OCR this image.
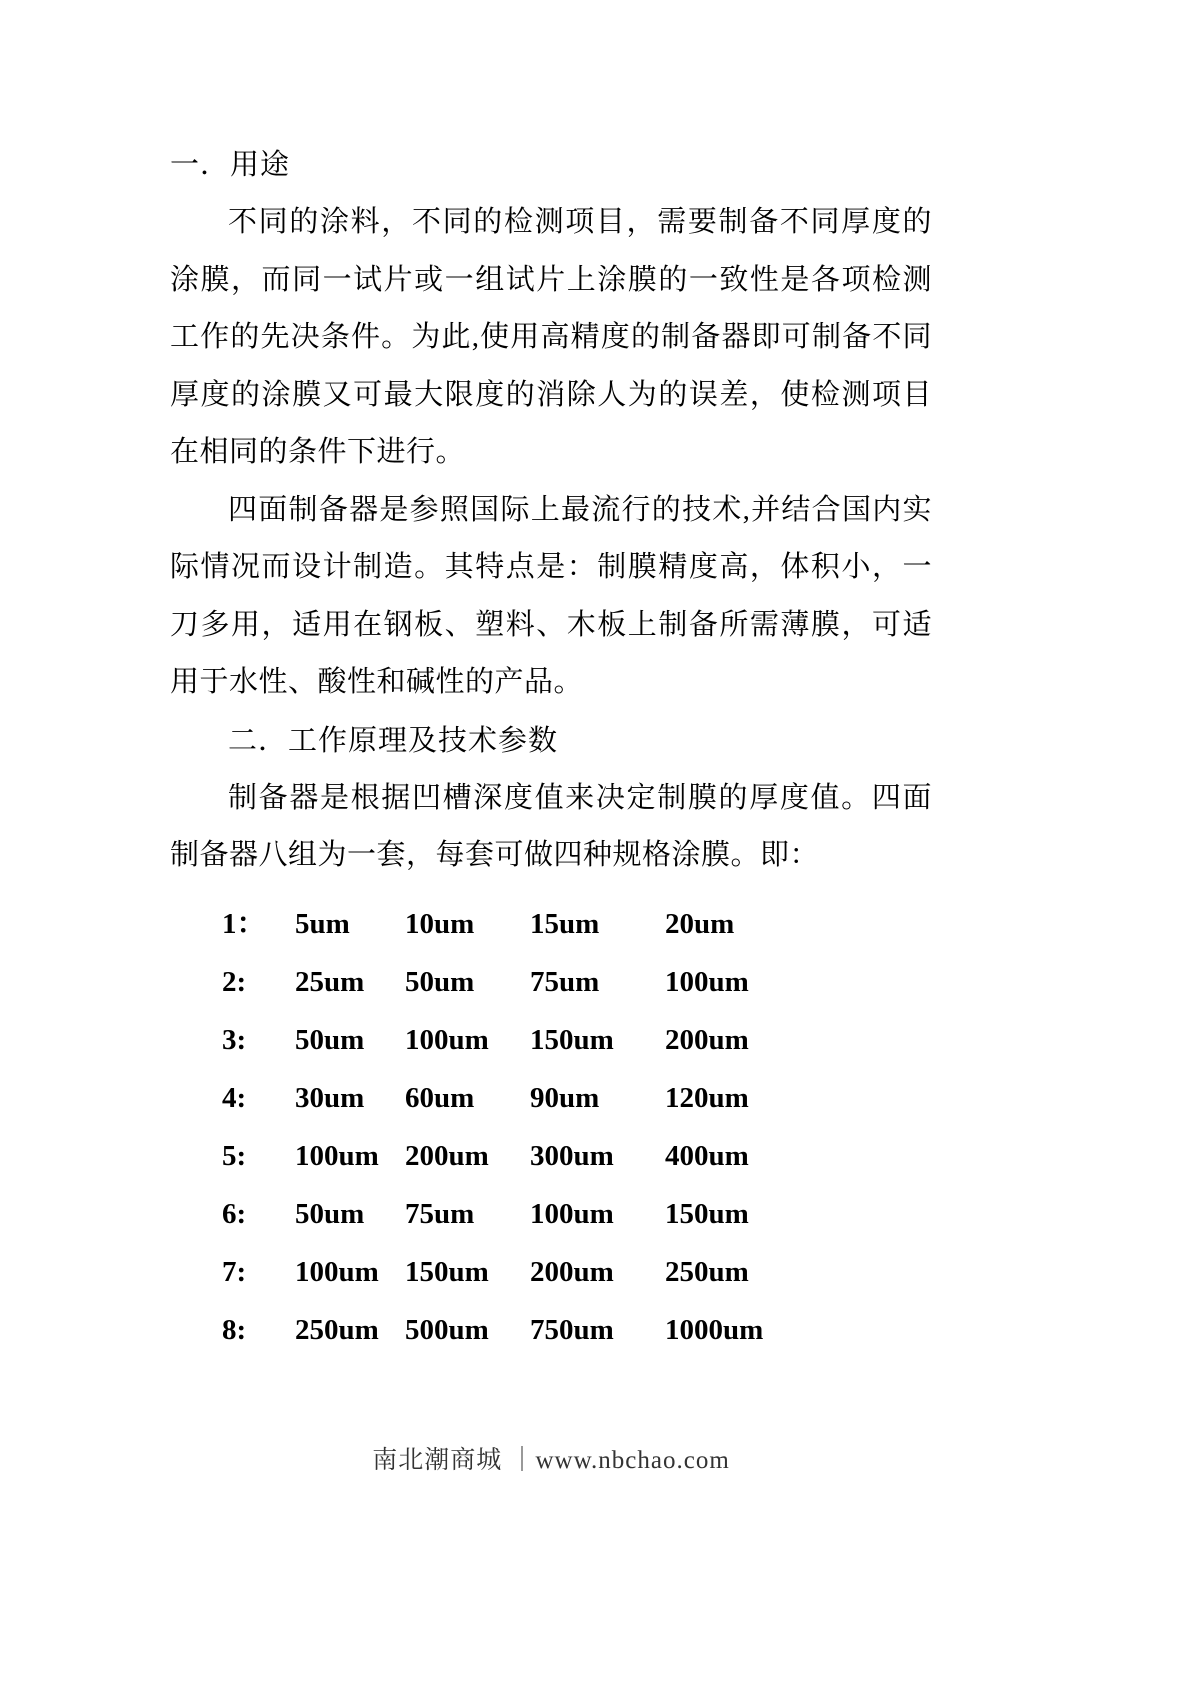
一．用途

不同的涂料，不同的检测项目，需要制备不同厚度的涂膜，而同一试片或一组试片上涂膜的一致性是各项检测工作的先决条件。为此,使用高精度的制备器即可制备不同厚度的涂膜又可最大限度的消除人为的误差，使检测项目在相同的条件下进行。

四面制备器是参照国际上最流行的技术,并结合国内实际情况而设计制造。其特点是：制膜精度高，体积小，一刀多用，适用在钢板、塑料、木板上制备所需薄膜，可适用于水性、酸性和碱性的产品。

二．工作原理及技术参数

制备器是根据凹槽深度值来决定制膜的厚度值。四面制备器八组为一套，每套可做四种规格涂膜。即：

1：	5um	10um	15um	20um
2:	25um	50um	75um	100um
3:	50um	100um	150um	200um
4:	30um	60um	90um	120um
5:	100um 200um	300um	400um
6:	50um	75um	100um	150um
7:	100um 150um	200um	250um
8:	250um 500um	750um	1000um
南北潮商城 ｜www.nbchao.com
